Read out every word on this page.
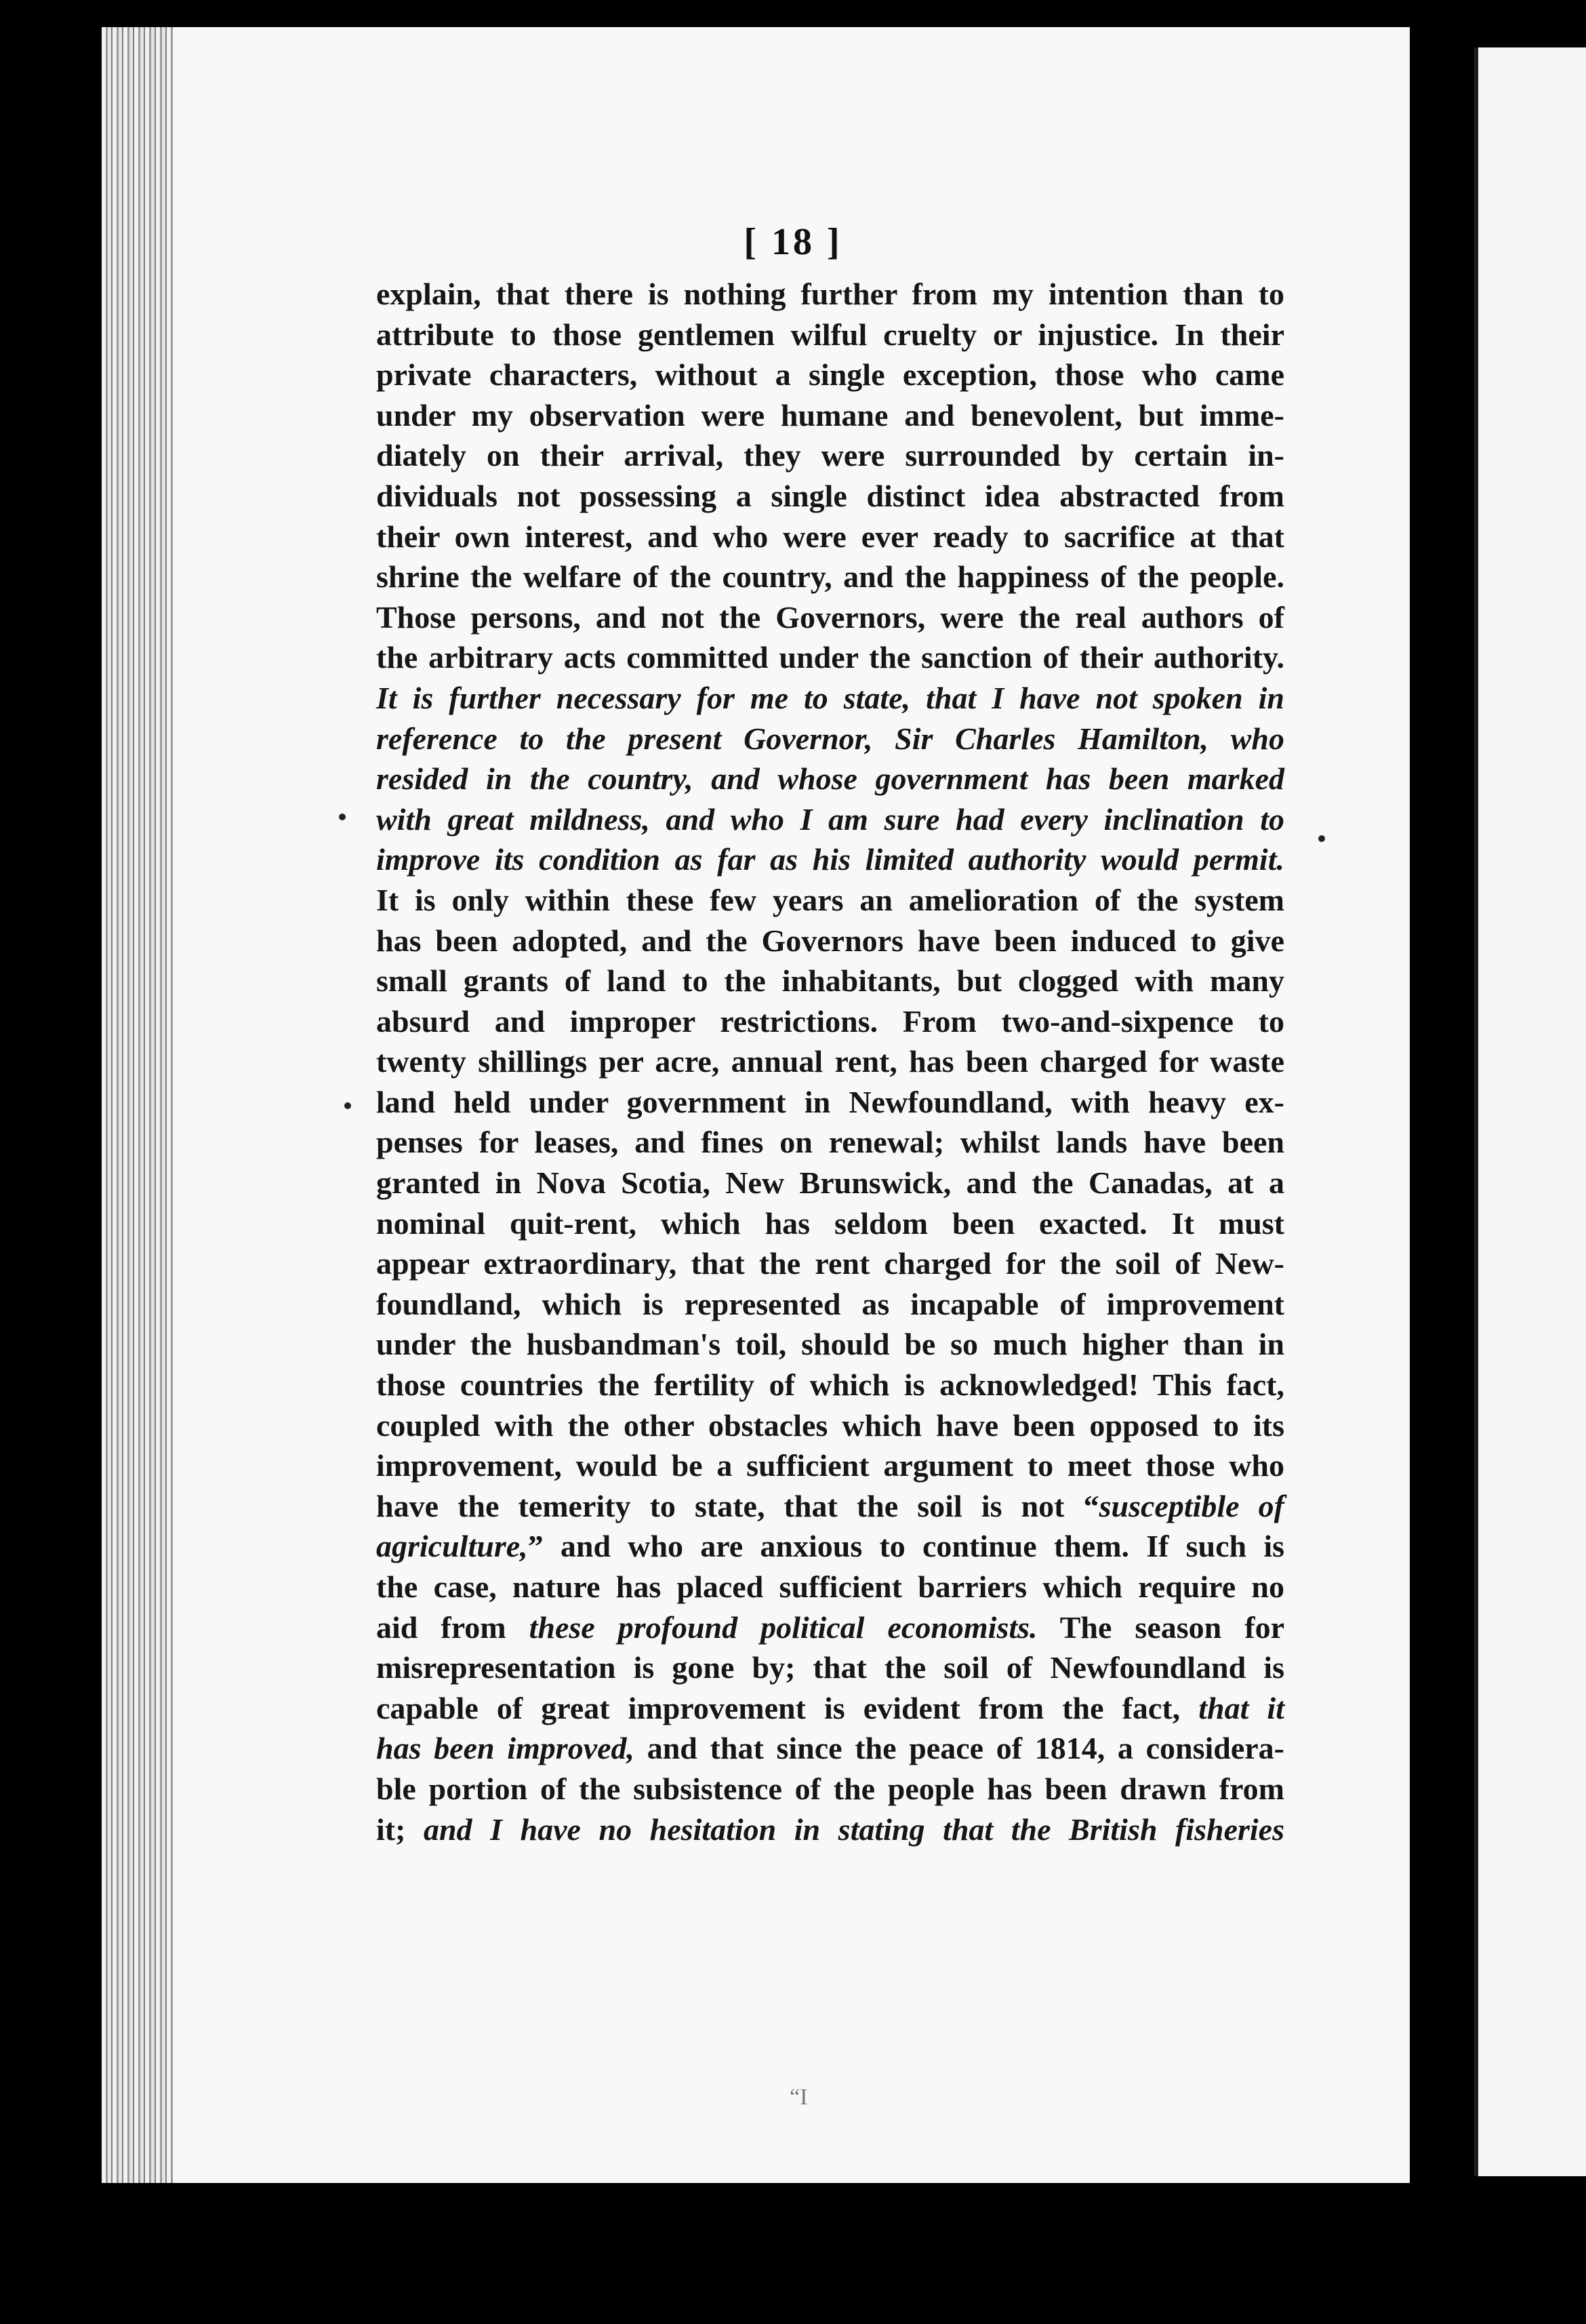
[ 18 ]
explain, that there is nothing further from my intention than to
attribute to those gentlemen wilful cruelty or injustice. In their
private characters, without a single exception, those who came
under my observation were humane and benevolent, but imme-
diately on their arrival, they were surrounded by certain in-
dividuals not possessing a single distinct idea abstracted from
their own interest, and who were ever ready to sacrifice at that
shrine the welfare of the country, and the happiness of the people.
Those persons, and not the Governors, were the real authors of
the arbitrary acts committed under the sanction of their authority.
It is further necessary for me to state, that I have not spoken in
reference to the present Governor, Sir Charles Hamilton, who
resided in the country, and whose government has been marked
with great mildness, and who I am sure had every inclination to
improve its condition as far as his limited authority would permit.
It is only within these few years an amelioration of the system
has been adopted, and the Governors have been induced to give
small grants of land to the inhabitants, but clogged with many
absurd and improper restrictions. From two-and-sixpence to
twenty shillings per acre, annual rent, has been charged for waste
land held under government in Newfoundland, with heavy ex-
penses for leases, and fines on renewal; whilst lands have been
granted in Nova Scotia, New Brunswick, and the Canadas, at a
nominal quit-rent, which has seldom been exacted. It must
appear extraordinary, that the rent charged for the soil of New-
foundland, which is represented as incapable of improvement
under the husbandman's toil, should be so much higher than in
those countries the fertility of which is acknowledged! This fact,
coupled with the other obstacles which have been opposed to its
improvement, would be a sufficient argument to meet those who
have the temerity to state, that the soil is not “susceptible of
agriculture,” and who are anxious to continue them. If such is
the case, nature has placed sufficient barriers which require no
aid from these profound political economists. The season for
misrepresentation is gone by; that the soil of Newfoundland is
capable of great improvement is evident from the fact, that it
has been improved, and that since the peace of 1814, a considera-
ble portion of the subsistence of the people has been drawn from
it; and I have no hesitation in stating that the British fisheries
“I
